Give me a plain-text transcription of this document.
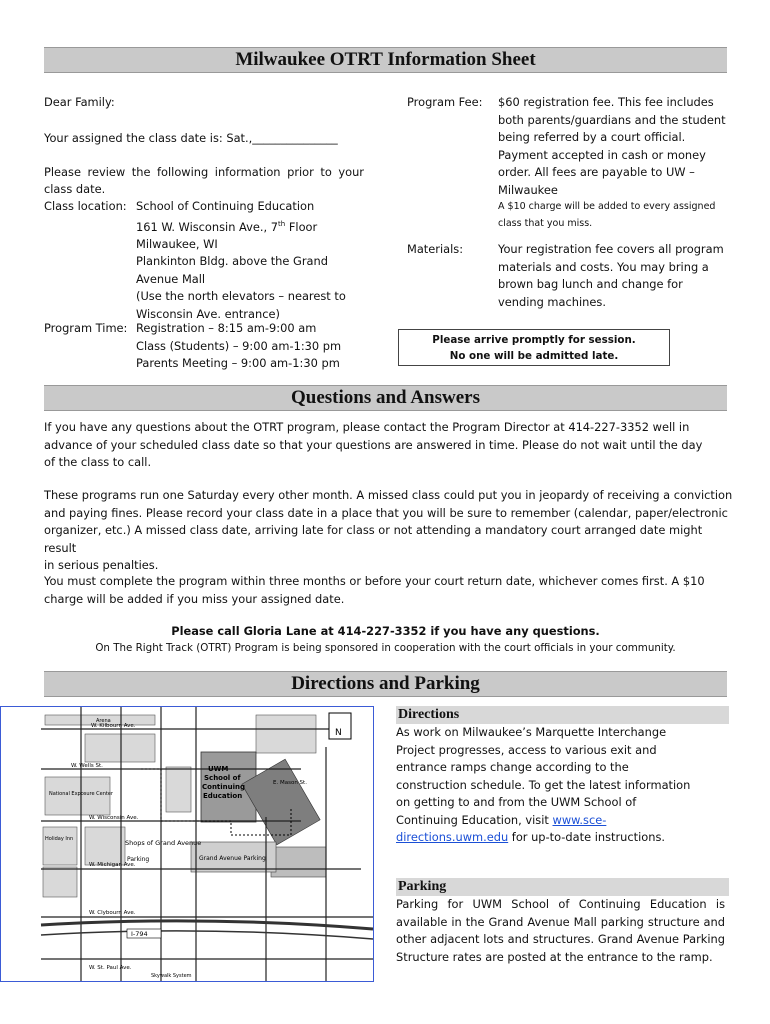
Milwaukee OTRT Information Sheet
Dear Family:
Your assigned the class date is: Sat.,_______________
Please review the following information prior to your
class date.
Class location: School of Continuing Education
161 W. Wisconsin Ave., 7th Floor
Milwaukee, WI
Plankinton Bldg. above the Grand
Avenue Mall
(Use the north elevators – nearest to
Wisconsin Ave. entrance)
Program Time: Registration – 8:15 am-9:00 am
Class (Students) – 9:00 am-1:30 pm
Parents Meeting – 9:00 am-1:30 pm
Program Fee: $60 registration fee. This fee includes
both parents/guardians and the student
being referred by a court official.
Payment accepted in cash or money
order. All fees are payable to UW –
Milwaukee
A $10 charge will be added to every assigned
class that you miss.
Materials:	Your registration fee covers all program
materials and costs. You may bring a
brown bag lunch and change for
vending machines.
Please arrive promptly for session.
No one will be admitted late.
Questions and Answers
If you have any questions about the OTRT program, please contact the Program Director at 414-227-3352 well in
advance of your scheduled class date so that your questions are answered in time. Please do not wait until the day
of the class to call.
These programs run one Saturday every other month. A missed class could put you in jeopardy of receiving a conviction
and paying fines. Please record your class date in a place that you will be sure to remember (calendar, paper/electronic
organizer, etc.) A missed class date, arriving late for class or not attending a mandatory court arranged date might result
in serious penalties.
You must complete the program within three months or before your court return date, whichever comes first. A $10
charge will be added if you miss your assigned date.
Please call Gloria Lane at 414-227-3352 if you have any questions.
On The Right Track (OTRT) Program is being sponsored in cooperation with the court officials in your community.
Directions and Parking
N
W. Kilbourn Ave.
W. Wells St.
W. Wisconsin Ave.
W. Michigan Ave.
W. Clybourn Ave.
W. St. Paul Ave.
E. Mason St.
I-794
UWM
School of
Continuing
Education
Shops of Grand Avenue
Grand Avenue Parking
Parking
National Exposure Center
Arena
Holiday Inn
Skywalk System
Directions
As work on Milwaukee’s Marquette Interchange
Project progresses, access to various exit and
entrance ramps change according to the
construction schedule. To get the latest information
on getting to and from the UWM School of
Continuing Education, visit www.sce-
directions.uwm.edu for up-to-date instructions.
Parking
Parking for UWM School of Continuing Education is
available in the Grand Avenue Mall parking structure and
other adjacent lots and structures. Grand Avenue Parking
Structure rates are posted at the entrance to the ramp.
